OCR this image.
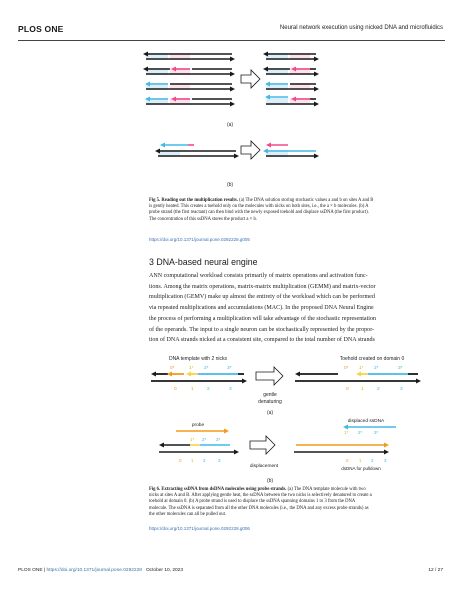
PLOS ONE	Neural network execution using nicked DNA and microfluidics
(a)
(b)
Fig 5. Reading out the multiplication results. (a) The DNA solution storing stochastic values a and b on sites A and B
is gently heated. This creates a toehold only on the molecules with nicks on both sites, i.e., the a × b molecules. (b) A
probe strand (the first reactant) can then bind with the newly exposed toehold and displace ssDNA (the first product).
The concentration of this ssDNA stores the product a × b.
https://doi.org/10.1371/journal.pone.0292228.g005
3 DNA-based neural engine
ANN computational workload consists primarily of matrix operations and activation func-
tions. Among the matrix operations, matrix-matrix multiplication (GEMM) and matrix-vector
multiplication (GEMV) make up almost the entirety of the workload which can be performed
via repeated multiplications and accumulations (MAC). In the proposed DNA Neural Engine
the process of performing a multiplication will take advantage of the stochastic representation
of the operands. The input to a single neuron can be stochastically represented by the propor-
tion of DNA strands nicked at a consistent site, compared to the total number of DNA strands
DNA template with 2 nicks	Toehold created on domain 0
0*	1* 2*	3*
0	1	2	3
gentle
denaturing
0* 1* 2*	3*
0	1	2	3
(a)
probe
1* 2* 3*
0 1 2	3
displacement
displaced ssDNA
1* 2*	3*
0 1 2 3
dsDNA for pulldown
(b)
Fig 6. Extracting ssDNA from dsDNA molecules using probe strands. (a) The DNA template molecule with two
nicks at sites A and B. After applying gentle heat, the ssDNA between the two nicks is selectively denatured to create a
toehold at domain 0. (b) A probe strand is used to displace the ssDNA spanning domains 1 to 3 from the DNA
molecule. The ssDNA is separated from all the other DNA molecules (i.e., the DNA and any excess probe strands) as
the other molecules can all be pulled out.
https://doi.org/10.1371/journal.pone.0292228.g006
PLOS ONE | https://doi.org/10.1371/journal.pone.0292228 October 10, 2023	12 / 27
